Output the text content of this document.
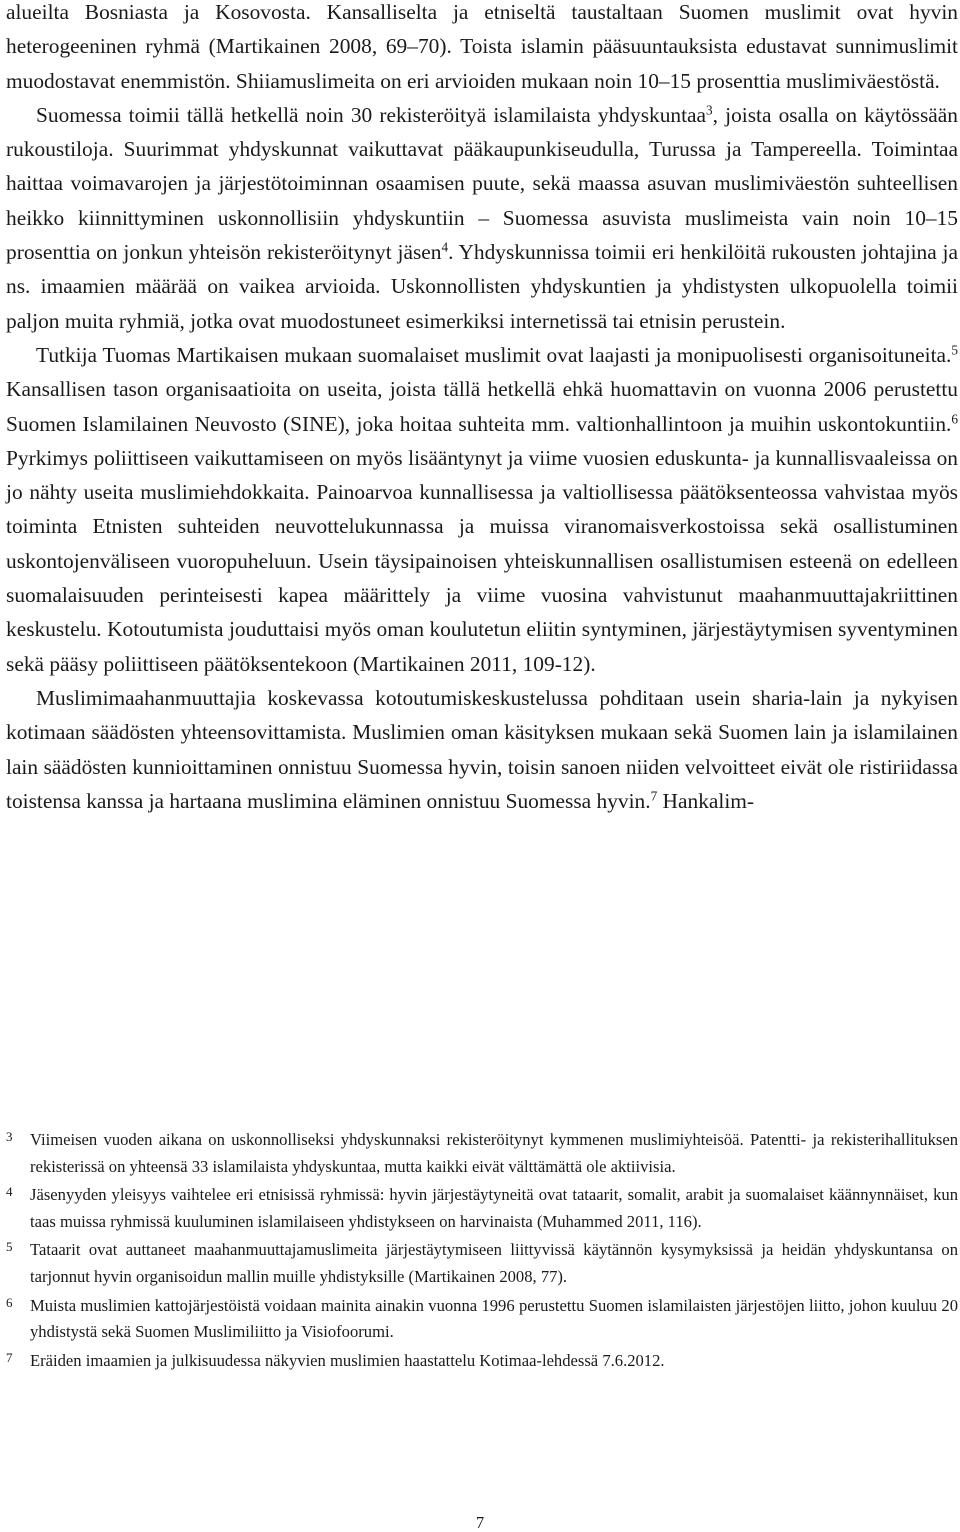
alueilta Bosniasta ja Kosovosta. Kansalliselta ja etniseltä taustaltaan Suomen muslimit ovat hyvin heterogeeninen ryhmä (Martikainen 2008, 69–70). Toista islamin pääsuuntauksista edustavat sunnimuslimit muodostavat enemmistön. Shiiamuslimeita on eri arvioiden mukaan noin 10–15 prosenttia muslimiväestöstä.

Suomessa toimii tällä hetkellä noin 30 rekisteröityä islamilaista yhdyskuntaa$^3$, joista osalla on käytössään rukoustiloja. Suurimmat yhdyskunnat vaikuttavat pääkaupunkiseudulla, Turussa ja Tampereella. Toimintaa haittaa voimavarojen ja järjestötoiminnan osaamisen puute, sekä maassa asuvan muslimiväestön suhteellisen heikko kiinnittyminen uskonnollisiin yhdyskuntiin – Suomessa asuvista muslimeista vain noin 10–15 prosenttia on jonkun yhteisön rekisteröitynyt jäsen$^4$. Yhdyskunnissa toimii eri henkilöitä rukousten johtajina ja ns. imaamien määrää on vaikea arvioida. Uskonnollisten yhdyskuntien ja yhdistysten ulkopuolella toimii paljon muita ryhmiä, jotka ovat muodostuneet esimerkiksi internetissä tai etnisin perustein.

Tutkija Tuomas Martikaisen mukaan suomalaiset muslimit ovat laajasti ja monipuolisesti organisoituneita.$^5$ Kansallisen tason organisaatioita on useita, joista tällä hetkellä ehkä huomattavin on vuonna 2006 perustettu Suomen Islamilainen Neuvosto (SINE), joka hoitaa suhteita mm. valtionhallintoon ja muihin uskontokuntiin.$^6$ Pyrkimys poliittiseen vaikuttamiseen on myös lisääntynyt ja viime vuosien eduskunta- ja kunnallisvaaleissa on jo nähty useita muslimiehdokkaita. Painoarvoa kunnallisessa ja valtiollisessa päätöksenteossa vahvistaa myös toiminta Etnisten suhteiden neuvottelukunnassa ja muissa viranomaisverkostoissa sekä osallistuminen uskontojenväliseen vuoropuheluun. Usein täysipainoisen yhteiskunnallisen osallistumisen esteenä on edelleen suomalaisuuden perinteisesti kapea määrittely ja viime vuosina vahvistunut maahanmuuttajakriittinen keskustelu. Kotoutumista jouduttaisi myös oman koulutetun eliitin syntyminen, järjestäytymisen syventyminen sekä pääsy poliittiseen päätöksentekoon (Martikainen 2011, 109-12).

Muslimimaahanmuuttajia koskevassa kotoutumiskeskustelussa pohditaan usein sharia-lain ja nykyisen kotimaan säädösten yhteensovittamista. Muslimien oman käsityksen mukaan sekä Suomen lain ja islamilainen lain säädösten kunnioittaminen onnistuu Suomessa hyvin, toisin sanoen niiden velvoitteet eivät ole ristiriidassa toistensa kanssa ja hartaana muslimina eläminen onnistuu Suomessa hyvin.$^7$ Hankalim-

3	Viimeisen vuoden aikana on uskonnolliseksi yhdyskunnaksi rekisteröitynyt kymmenen muslimiyhteisöä. Patentti- ja rekisterihallituksen rekisterissä on yhteensä 33 islamilaista yhdyskuntaa, mutta kaikki eivät välttämättä ole aktiivisia.
4	Jäsenyyden yleisyys vaihtelee eri etnisissä ryhmissä: hyvin järjestäytyneitä ovat tataarit, somalit, arabit ja suomalaiset käännynnäiset, kun taas muissa ryhmissä kuuluminen islamilaiseen yhdistykseen on harvinaista (Muhammed 2011, 116).
5	Tataarit ovat auttaneet maahanmuuttajamuslimeita järjestäytymiseen liittyvissä käytännön kysymyksissä ja heidän yhdyskuntansa on tarjonnut hyvin organisoidun mallin muille yhdistyksille (Martikainen 2008, 77).
6	Muista muslimien kattojärjestöistä voidaan mainita ainakin vuonna 1996 perustettu Suomen islamilaisten järjestöjen liitto, johon kuuluu 20 yhdistystä sekä Suomen Muslimiliitto ja Visiofoorumi.
7	Eräiden imaamien ja julkisuudessa näkyvien muslimien haastattelu Kotimaa-lehdessä 7.6.2012.
7
